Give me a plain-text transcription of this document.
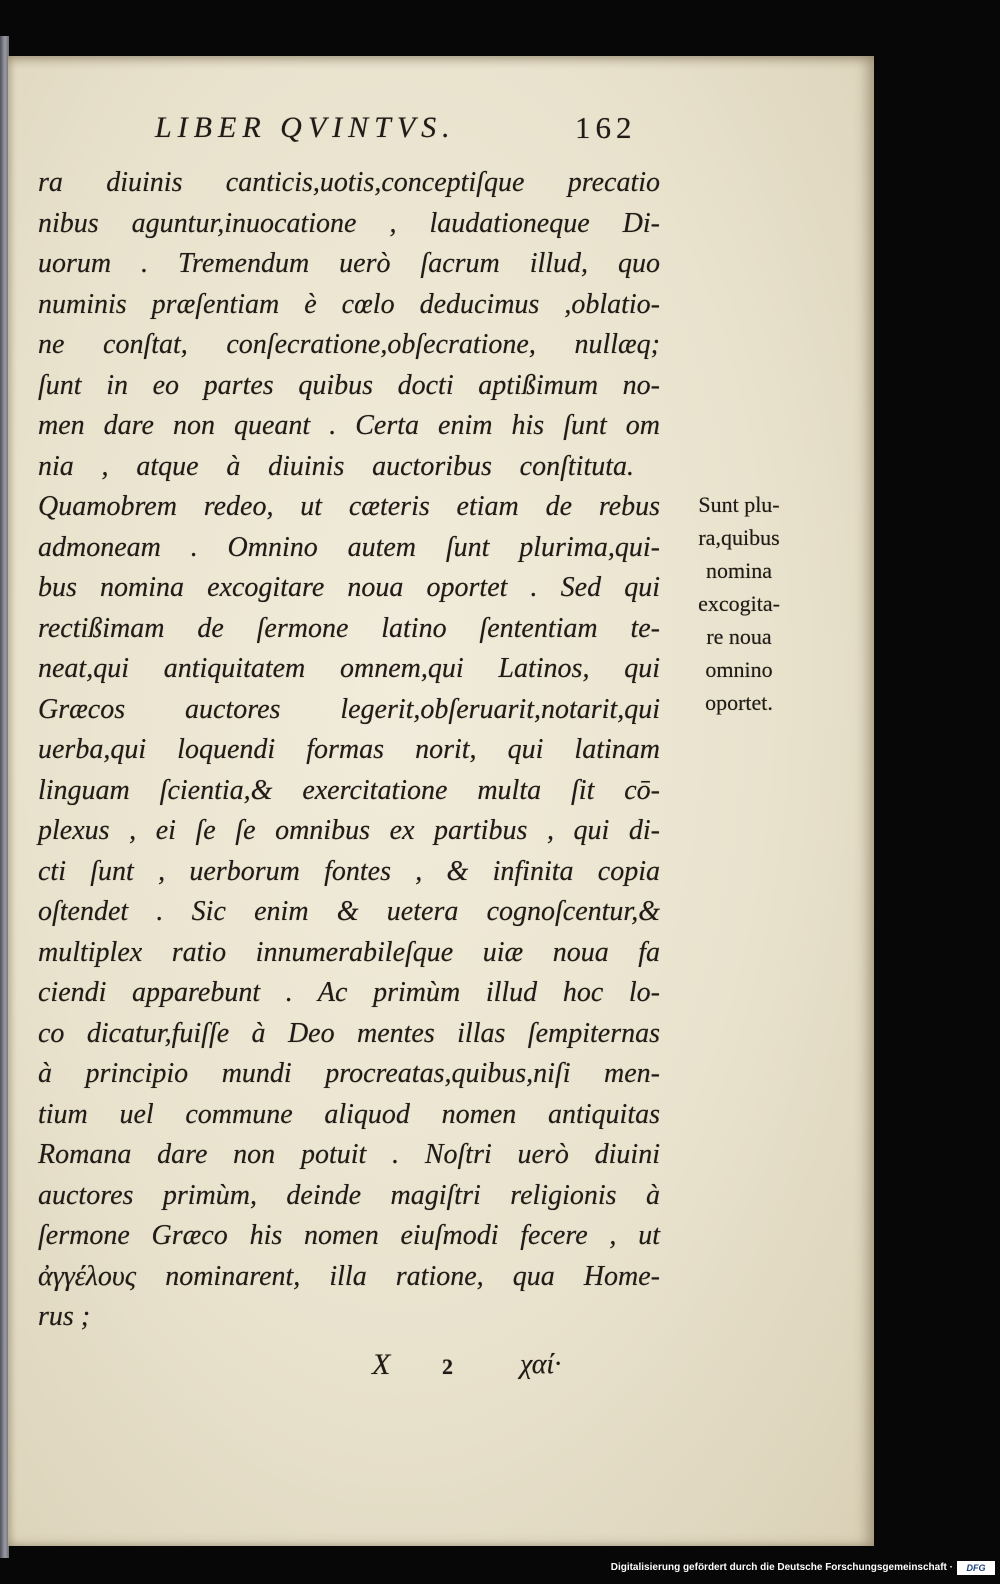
LIBER QVINTVS.	162
ra diuinis canticis,uotis,conceptiſque precatio
nibus aguntur,inuocatione , laudationeque Di-
uorum . Tremendum uerò ſacrum illud, quo
numinis præſentiam è cœlo deducimus ,oblatio-
ne conſtat, conſecratione,obſecratione, nullæq;
ſunt in eo partes quibus docti aptißimum no-
men dare non queant . Certa enim his ſunt om
nia , atque à diuinis auctoribus conſtituta.
Quamobrem redeo, ut cæteris etiam de rebus
admoneam . Omnino autem ſunt plurima,qui-
bus nomina excogitare noua oportet . Sed qui
rectißimam de ſermone latino ſententiam te-
neat,qui antiquitatem omnem,qui Latinos, qui
Græcos auctores legerit,obſeruarit,notarit,qui
uerba,qui loquendi formas norit, qui latinam
linguam ſcientia,& exercitatione multa ſit cō-
plexus , ei ſe ſe omnibus ex partibus , qui di-
cti ſunt , uerborum fontes , & infinita copia
oſtendet . Sic enim & uetera cognoſcentur,&
multiplex ratio innumerabileſque uiæ noua fa
ciendi apparebunt . Ac primùm illud hoc lo-
co dicatur,fuiſſe à Deo mentes illas ſempiternas
à principio mundi procreatas,quibus,niſi men-
tium uel commune aliquod nomen antiquitas
Romana dare non potuit . Noſtri uerò diuini
auctores primùm, deinde magiſtri religionis à
ſermone Græco his nomen eiuſmodi fecere , ut
ἀγγέλους nominarent, illa ratione, qua Home-
rus ;
Sunt plu-
ra,quibus
nomina
excogita-
re noua
omnino
oportet.
X 2 χαί·
Digitalisierung gefördert durch die Deutsche Forschungsgemeinschaft ·	DFG
